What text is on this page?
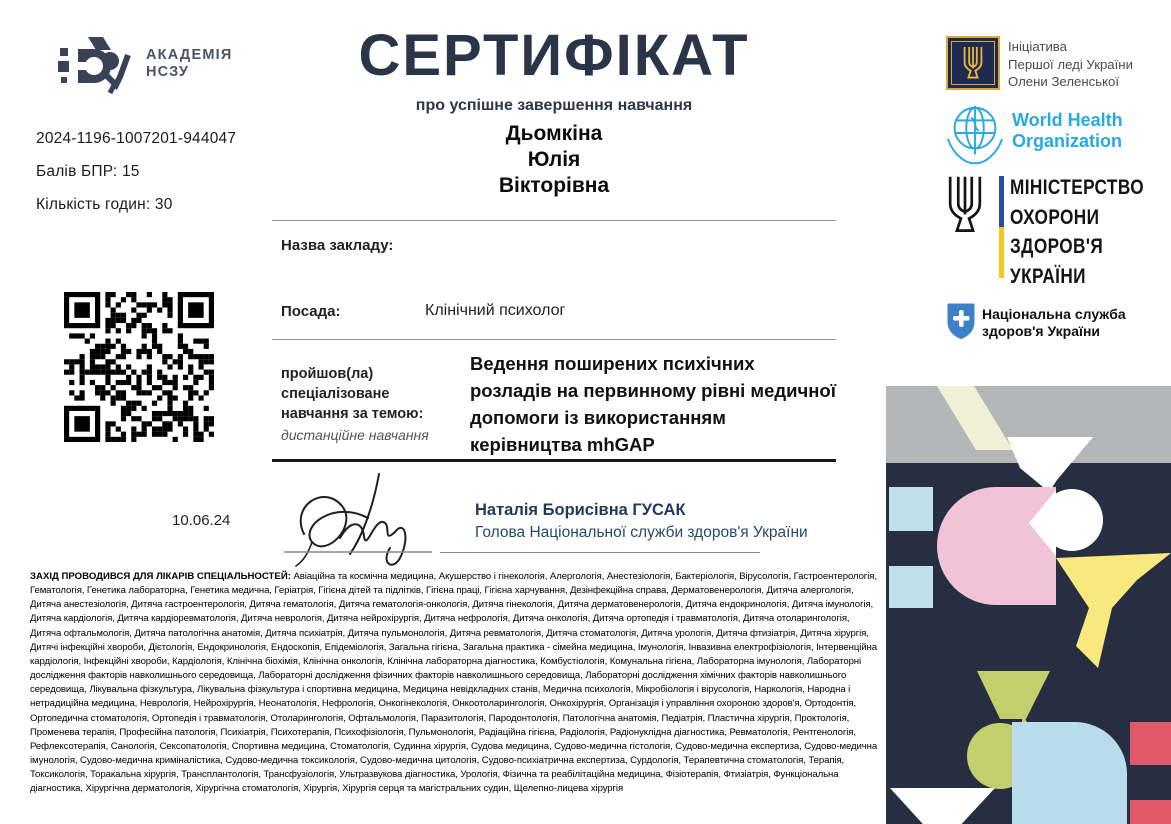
АКАДЕМІЯ
НСЗУ
2024-1196-1007201-944047
Балів БПР: 15
Кількість годин: 30
10.06.24
СЕРТИФІКАТ
про успішне завершення навчання
Дьомкіна
Юлія
Вікторівна
Назва закладу:
Посада:	Клінічний психолог
пройшов(ла)
спеціалізоване
навчання за темою:
дистанційне навчання
Ведення поширених психічних
розладів на первинному рівні медичної
допомоги із використанням
керівництва mhGAP
Наталія Борисівна ГУСАК
Голова Національної служби здоров'я України
ЗАХІД ПРОВОДИВСЯ ДЛЯ ЛІКАРІВ СПЕЦІАЛЬНОСТЕЙ: Авіаційна та космічна медицина, Акушерство і гінекологія, Алергологія, Анестезіологія, Бактеріологія, Вірусологія, Гастроентерологія, Гематологія, Генетика лабораторна, Генетика медична, Геріатрія, Гігієна дітей та підлітків, Гігієна праці, Гігієна харчування, Дезінфекційна справа, Дерматовенерологія, Дитяча алергологія, Дитяча анестезіологія, Дитяча гастроентерологія, Дитяча гематологія, Дитяча гематологія-онкологія, Дитяча гінекологія, Дитяча дерматовенерологія, Дитяча ендокринологія, Дитяча імунологія, Дитяча кардіологія, Дитяча кардіоревматологія, Дитяча неврологія, Дитяча нейрохірургія, Дитяча нефрологія, Дитяча онкологія, Дитяча ортопедія і травматологія, Дитяча отоларингологія, Дитяча офтальмологія, Дитяча патологічна анатомія, Дитяча психіатрія, Дитяча пульмонологія, Дитяча ревматологія, Дитяча стоматологія, Дитяча урологія, Дитяча фтизіатрія, Дитяча хірургія, Дитячі інфекційні хвороби, Дієтологія, Ендокринологія, Ендоскопія, Епідеміологія, Загальна гігієна, Загальна практика - сімейна медицина, Імунологія, Інвазивна електрофізіологія, Інтервенційна кардіологія, Інфекційні хвороби, Кардіологія, Клінічна біохімія, Клінічна онкологія, Клінічна лабораторна діагностика, Комбустіологія, Комунальна гігієна, Лабораторна імунологія, Лабораторні дослідження факторів навколишнього середовища, Лабораторні дослідження фізичних факторів навколишнього середовища, Лабораторні дослідження хімічних факторів навколишнього середовища, Лікувальна фізкультура, Лікувальна фізкультура і спортивна медицина, Медицина невідкладних станів, Медична психологія, Мікробіологія і вірусологія, Наркологія, Народна і нетрадиційна медицина, Неврологія, Нейрохірургія, Неонатологія, Нефрологія, Онкогінекологія, Онкоотоларингологія, Онкохірургія, Організація і управління охороною здоров'я, Ортодонтія, Ортопедична стоматологія, Ортопедія і травматологія, Отоларингологія, Офтальмологія, Паразитологія, Пародонтологія, Патологічна анатомія, Педіатрія, Пластична хірургія, Проктологія, Променева терапія, Професійна патологія, Психіатрія, Психотерапія, Психофізіологія, Пульмонологія, Радіаційна гігієна, Радіологія, Радіонуклідна діагностика, Ревматологія, Рентгенологія, Рефлексотерапія, Санологія, Сексопатологія, Спортивна медицина, Стоматологія, Судинна хірургія, Судова медицина, Судово-медична гістологія, Судово-медична експертиза, Судово-медична імунологія, Судово-медична криміналістика, Судово-медична токсикологія, Судово-медична цитологія, Судово-психіатрична експертиза, Сурдологія, Терапевтична стоматологія, Терапія, Токсикологія, Торакальна хірургія, Трансплантологія, Трансфузіологія, Ультразвукова діагностика, Урологія, Фізична та реабілітаційна медицина, Фізіотерапія, Фтизіатрія, Функціональна діагностика, Хірургічна дерматологія, Хірургічна стоматологія, Хірургія, Хірургія серця та магістральних судин, Щелепно-лицева хірургія
Ініціатива
Першої леді України
Олени Зеленської
World Health
Organization
МІНІСТЕРСТВО
ОХОРОНИ
ЗДОРОВ'Я
УКРАЇНИ
Національна служба
здоров'я України
